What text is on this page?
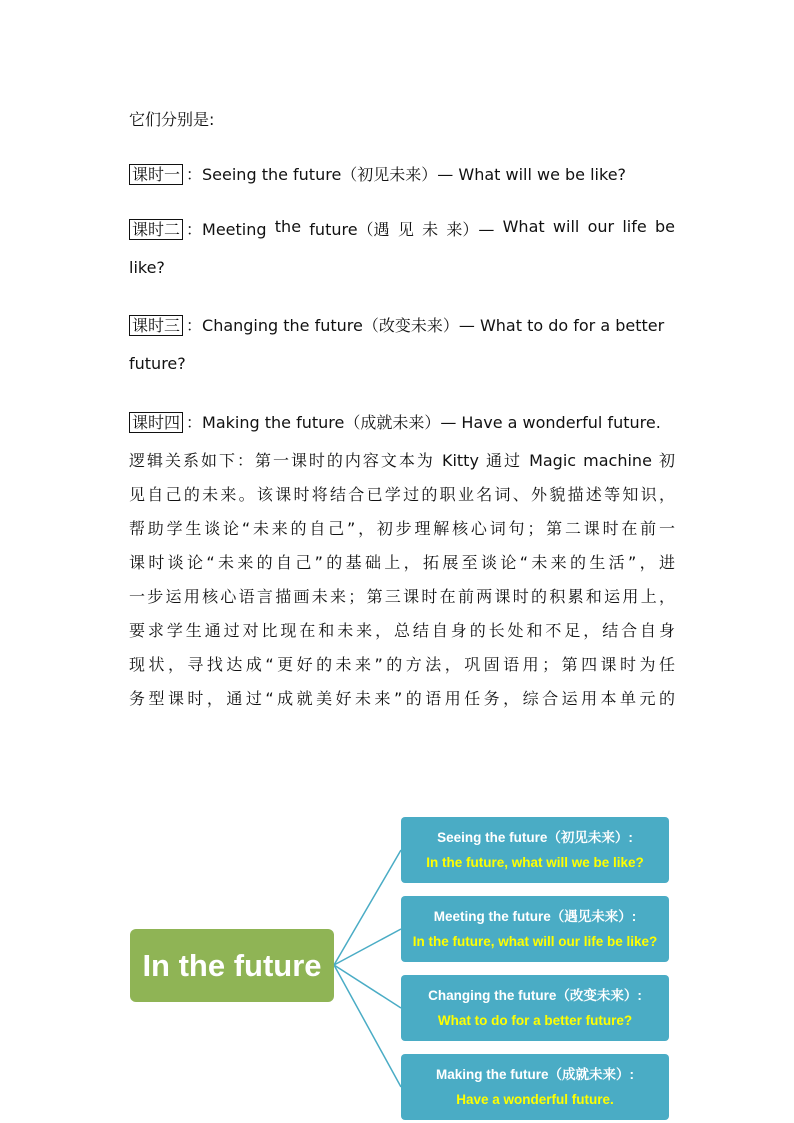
它们分别是:
课时一 ：Seeing the future（初见未来）— What will we be like?
课时二 ：Meeting the future（遇 见 未 来）— What will our life be
like?
课时三 ：Changing the future（改变未来）— What to do for a better
future?
课时四 ：Making the future（成就未来）— Have a wonderful future.
逻辑关系如下：第一课时的内容文本为 Kitty 通过 Magic machine 初
见自己的未来。该课时将结合已学过的职业名词、外貌描述等知识，
帮助学生谈论“未来的自己”，初步理解核心词句；第二课时在前一
课时谈论“未来的自己”的基础上，拓展至谈论“未来的生活”，进
一步运用核心语言描画未来；第三课时在前两课时的积累和运用上，
要求学生通过对比现在和未来，总结自身的长处和不足，结合自身
现状，寻找达成“更好的未来”的方法，巩固语用；第四课时为任
务型课时，通过“成就美好未来”的语用任务，综合运用本单元的
In the future
Seeing the future（初见未来）:
In the future, what will we be like?
Meeting the future（遇见未来）:
In the future, what will our life be like?
Changing the future（改变未来）:
What to do for a better future?
Making the future（成就未来）:
Have a wonderful future.
